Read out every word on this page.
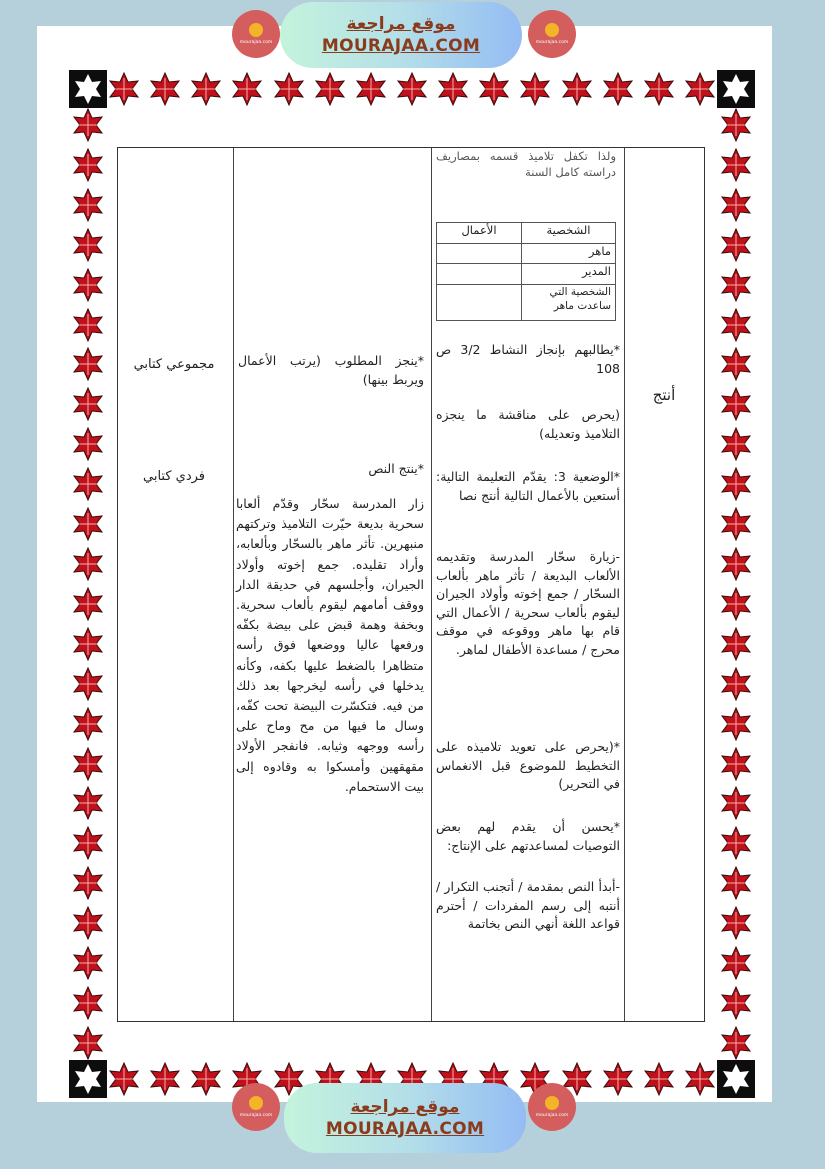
أنتج
ولذا تكفل تلاميذ قسمه بمصاريف دراسته كامل السنة
الشخصية	الأعمال
ماهر	
المدير	
الشخصية التي ساعدت ماهر	
*يطالبهم بإنجاز النشاط 3/2 ص 108
(يحرص على مناقشة ما ينجزه التلاميذ وتعديله)
*الوضعية 3: يقدّم التعليمة التالية: أستعين بالأعمال التالية أنتج نصا
-زيارة سحّار المدرسة وتقديمه الألعاب البديعة / تأثر ماهر بألعاب السحّار / جمع إخوته وأولاد الجيران ليقوم بألعاب سحرية / الأعمال التي قام بها ماهر ووقوعه في موقف محرج / مساعدة الأطفال لماهر.
*(يحرص على تعويد تلاميذه على التخطيط للموضوع قبل الانغماس في التحرير)
*يحسن أن يقدم لهم بعض التوصيات لمساعدتهم على الإنتاج:
-أبدأ النص بمقدمة / أتجنب التكرار / أنتبه إلى رسم المفردات / أحترم قواعد اللغة أنهي النص بخاتمة
*ينجز المطلوب (يرتب الأعمال ويربط بينها)
*ينتج النص
زار المدرسة سحّار وقدّم ألعابا سحرية بديعة حيّرت التلاميذ وتركتهم منبهرين. تأثر ماهر بالسحّار وبألعابه، وأراد تقليده. جمع إخوته وأولاد الجيران، وأجلسهم في حديقة الدار ووقف أمامهم ليقوم بألعاب سحرية. وبخفة وهمة قبض على بيضة بكفّه ورفعها عاليا ووضعها فوق رأسه متظاهرا بالضغط عليها بكفه، وكأنه يدخلها في رأسه ليخرجها بعد ذلك من فيه. فتكسّرت البيضة تحت كفّه، وسال ما فيها من مح وماح على رأسه ووجهه وثيابه. فانفجر الأولاد مقهقهين وأمسكوا به وقادوه إلى بيت الاستحمام.
مجموعي كتابي
فردي كتابي
mourajaa.com
موقع مراجعة
MOURAJAA.COM	mourajaa.com
mourajaa.com	موقع مراجعة
MOURAJAA.COM
mourajaa.com
